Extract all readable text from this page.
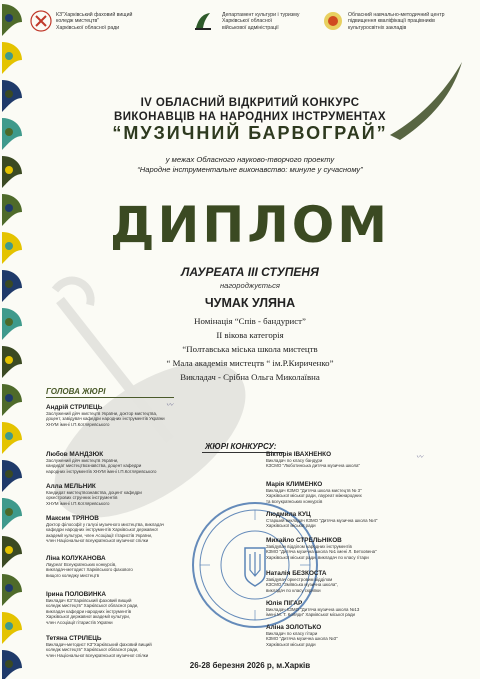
КЗ"Харківський фаховий вищий
коледж мистецтв"
Харківської обласної ради
Департамент культури і туризму
Харківської обласної
військової адміністрації
Обласний навчально-методичний центр
підвищення кваліфікації працівників
культуросвітніх закладів
IV ОБЛАСНИЙ ВІДКРИТИЙ КОНКУРС
ВИКОНАВЦІВ НА НАРОДНИХ ІНСТРУМЕНТАХ
“МУЗИЧНИЙ БАРВОГРАЙ”
у межах Обласного науково-творчого проекту
“Народне інструментальне виконавство: минуле у сучасному”
ДИПЛОМ
ЛАУРЕАТА ІІІ СТУПЕНЯ
нагороджується
ЧУМАК УЛЯНА
Номінація “Спів - бандурист”
ІІ вікова категорія
“Полтавська міська школа мистецтв
“ Мала академія мистецтв “ ім.Р.Кириченко”
Викладач - Срібна Ольга Миколаївна
ГОЛОВА ЖЮРІ
Андрій СТРІЛЕЦЬ
Заслужений діяч мистецтв України, доктор мистецтва,
доцент, завідувач кафедри народних інструментів України
ХНУМ імені І.П.Котляревського
ЖЮРІ КОНКУРСУ:
Любов МАНДЗЮК
Заслужений діяч мистецтв України,
кандидат мистецтвознавства, доцент кафедри
народних інструментів ХНУМ імені І.П.Котляревського
Алла МЕЛЬНИК
Кандидат мистецтвознавства, доцент кафедри
оркестрових струнних інструментів
ХНУМ імені І.П.Котляревського
Максим ТРЯНОВ
Доктор філософії у галузі музичного мистецтва, викладач
кафедри народних інструментів Харківської державної
академії культури, член Асоціації гітаристів України,
член Національної всеукраїнської музичної спілки
Ліна КОЛУКАНОВА
Лауреат Всеукраїнських конкурсів,
викладач-методист Харківського фахового
вищого коледжу мистецтв
Ірина ПОЛОВИНКА
Викладач КЗ"Харківський фаховий вищий
коледж мистецтв" Харківської обласної ради,
викладач кафедри народних інструментів
Харківської державної академії культури,
член Асоціації гітаристів України
Тетяна СТРІЛЕЦЬ
Викладач-методист КЗ"Харківський фаховий вищий
коледж мистецтв" Харківської обласної ради,
член Національної всеукраїнської музичної спілки
Вікторія ІВАХНЕНКО
Викладач по класу бандури
КЗСМО "Люботинська дитяча музична школа"
Марія КЛИМЕНКО
Викладач КЗМО "Дитяча школа мистецтв № 3"
Харківської міської ради, лауреат міжнародних
та всеукраїнських конкурсів
Людмила КУЦ
Старший викладач КЗМО "Дитяча музична школа №4"
Харківської міської ради
Михайло СТРЕЛЬНІКОВ
Завідувач відділом народних інструментів
КЗМО "Дитяча музична школа №1 імені Л. Бетховена"
Харківської міської ради, викладач по класу гітари
Наталія БЕЗКОСТА
Завідувач оркестровим відділом
КЗСМО "Зміївська музична школа",
викладач по класу скрипки
Юлія ПІГАР
Викладач КЗМО "Дитяча музична школа №13
імені М. Т. Коляди" Харківської міської ради
Аліна ЗОЛОТЬКО
Викладач по класу гітари
КЗМО "Дитяча музична школа №3"
Харківської міської ради
〰︎
〰︎
26-28 березня 2026 р, м.Харків
